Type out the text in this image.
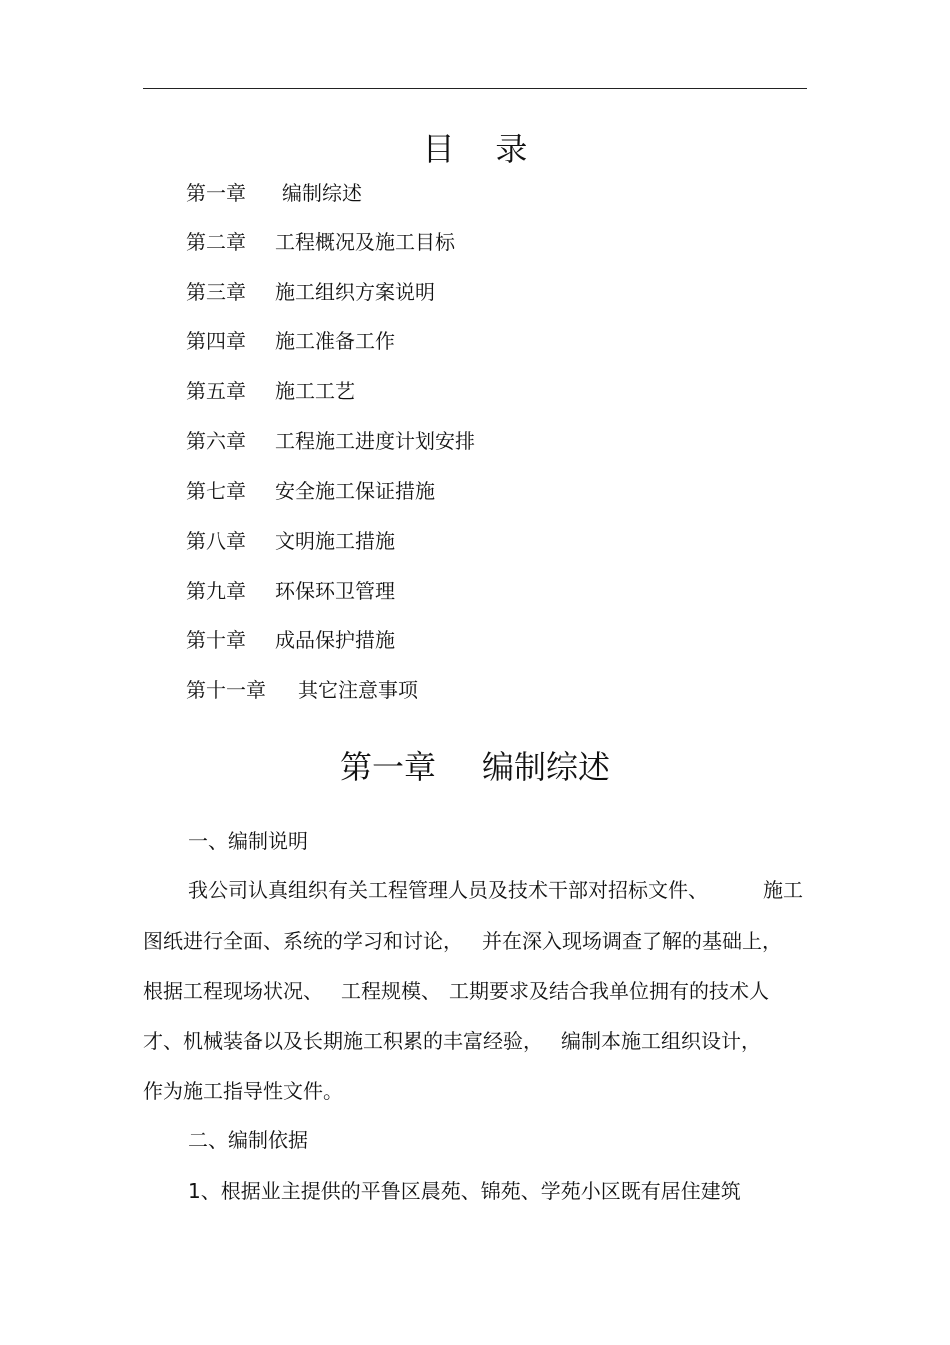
目    录
第一章 编制综述
第二章 工程概况及施工目标
第三章 施工组织方案说明
第四章 施工准备工作
第五章 施工工艺
第六章 工程施工进度计划安排
第七章 安全施工保证措施
第八章 文明施工措施
第九章 环保环卫管理
第十章 成品保护措施
第十一章 其它注意事项
第一章 编制综述
一、编制说明
我公司认真组织有关工程管理人员及技术干部对招标文件、	施工
图纸进行全面、系统的学习和讨论， 并在深入现场调查了解的基础上，
根据工程现场状况、 工程规模、 工期要求及结合我单位拥有的技术人
才、机械装备以及长期施工积累的丰富经验， 编制本施工组织设计，
作为施工指导性文件。
二、编制依据
1、根据业主提供的平鲁区晨苑、锦苑、学苑小区既有居住建筑
